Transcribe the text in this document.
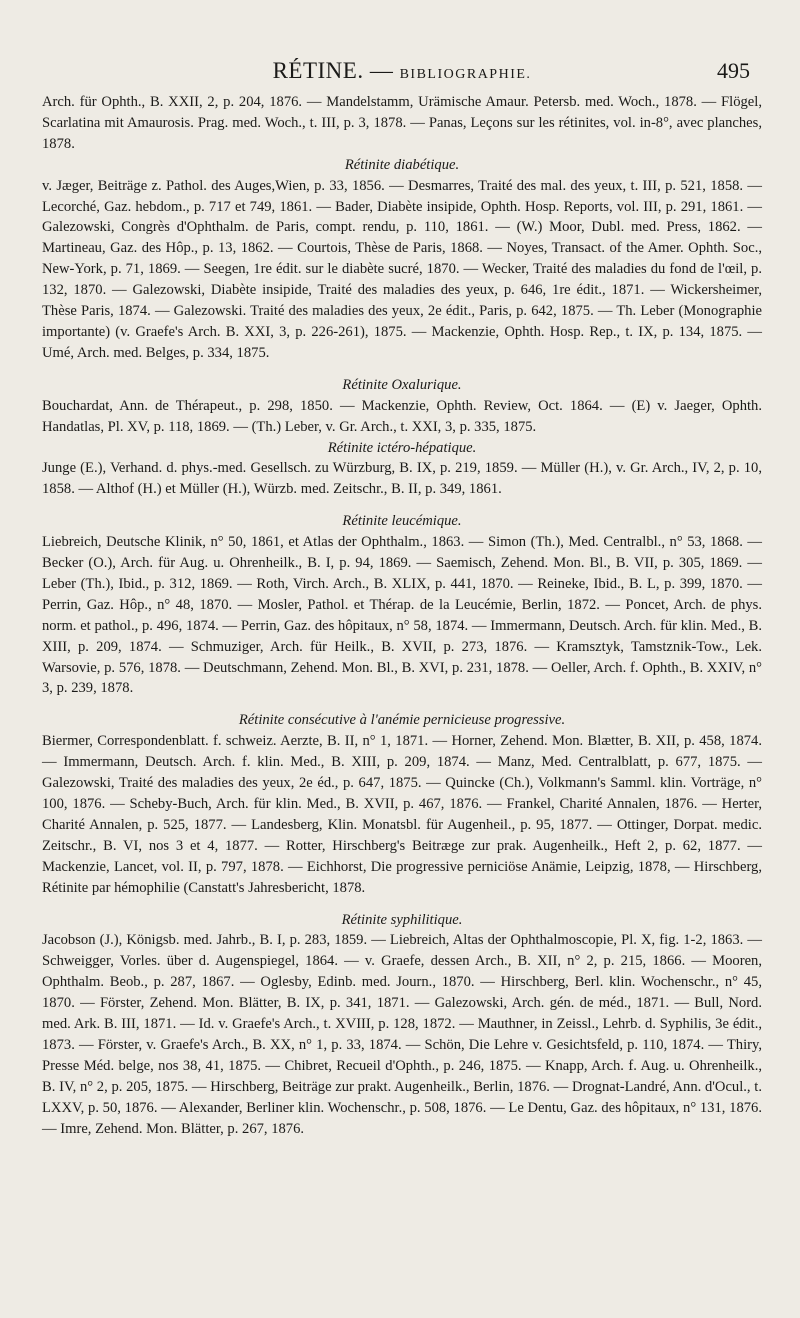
RÉTINE. — BIBLIOGRAPHIE.	495

Arch. für Ophth., B. XXII, 2, p. 204, 1876. — Mandelstamm, Urämische Amaur. Petersb. med. Woch., 1878. — Flögel, Scarlatina mit Amaurosis. Prag. med. Woch., t. III, p. 3, 1878. — Panas, Leçons sur les rétinites, vol. in-8°, avec planches, 1878.

Rétinite diabétique.

v. Jæger, Beiträge z. Pathol. des Auges,Wien, p. 33, 1856. — Desmarres, Traité des mal. des yeux, t. III, p. 521, 1858. — Lecorché, Gaz. hebdom., p. 717 et 749, 1861. — Bader, Diabète insipide, Ophth. Hosp. Reports, vol. III, p. 291, 1861. — Galezowski, Congrès d'Ophthalm. de Paris, compt. rendu, p. 110, 1861. — (W.) Moor, Dubl. med. Press, 1862. — Martineau, Gaz. des Hôp., p. 13, 1862. — Courtois, Thèse de Paris, 1868. — Noyes, Transact. of the Amer. Ophth. Soc., New-York, p. 71, 1869. — Seegen, 1re édit. sur le diabète sucré, 1870. — Wecker, Traité des maladies du fond de l'œil, p. 132, 1870. — Galezowski, Diabète insipide, Traité des maladies des yeux, p. 646, 1re édit., 1871. — Wickersheimer, Thèse Paris, 1874. — Galezowski. Traité des maladies des yeux, 2e édit., Paris, p. 642, 1875. — Th. Leber (Monographie importante) (v. Graefe's Arch. B. XXI, 3, p. 226-261), 1875. — Mackenzie, Ophth. Hosp. Rep., t. IX, p. 134, 1875. — Umé, Arch. med. Belges, p. 334, 1875.

Rétinite Oxalurique.

Bouchardat, Ann. de Thérapeut., p. 298, 1850. — Mackenzie, Ophth. Review, Oct. 1864. — (E) v. Jaeger, Ophth. Handatlas, Pl. XV, p. 118, 1869. — (Th.) Leber, v. Gr. Arch., t. XXI, 3, p. 335, 1875.

Rétinite ictéro-hépatique.

Junge (E.), Verhand. d. phys.-med. Gesellsch. zu Würzburg, B. IX, p. 219, 1859. — Müller (H.), v. Gr. Arch., IV, 2, p. 10, 1858. — Althof (H.) et Müller (H.), Würzb. med. Zeitschr., B. II, p. 349, 1861.

Rétinite leucémique.

Liebreich, Deutsche Klinik, n° 50, 1861, et Atlas der Ophthalm., 1863. — Simon (Th.), Med. Centralbl., n° 53, 1868. — Becker (O.), Arch. für Aug. u. Ohrenheilk., B. I, p. 94, 1869. — Saemisch, Zehend. Mon. Bl., B. VII, p. 305, 1869. — Leber (Th.), Ibid., p. 312, 1869. — Roth, Virch. Arch., B. XLIX, p. 441, 1870. — Reineke, Ibid., B. L, p. 399, 1870. — Perrin, Gaz. Hôp., n° 48, 1870. — Mosler, Pathol. et Thérap. de la Leucémie, Berlin, 1872. — Poncet, Arch. de phys. norm. et pathol., p. 496, 1874. — Perrin, Gaz. des hôpitaux, n° 58, 1874. — Immermann, Deutsch. Arch. für klin. Med., B. XIII, p. 209, 1874. — Schmuziger, Arch. für Heilk., B. XVII, p. 273, 1876. — Kramsztyk, Tamstznik-Tow., Lek. Warsovie, p. 576, 1878. — Deutschmann, Zehend. Mon. Bl., B. XVI, p. 231, 1878. — Oeller, Arch. f. Ophth., B. XXIV, n° 3, p. 239, 1878.

Rétinite consécutive à l'anémie pernicieuse progressive.

Biermer, Correspondenblatt. f. schweiz. Aerzte, B. II, n° 1, 1871. — Horner, Zehend. Mon. Blætter, B. XII, p. 458, 1874. — Immermann, Deutsch. Arch. f. klin. Med., B. XIII, p. 209, 1874. — Manz, Med. Centralblatt, p. 677, 1875. — Galezowski, Traité des maladies des yeux, 2e éd., p. 647, 1875. — Quincke (Ch.), Volkmann's Samml. klin. Vorträge, n° 100, 1876. — Scheby-Buch, Arch. für klin. Med., B. XVII, p. 467, 1876. — Frankel, Charité Annalen, 1876. — Herter, Charité Annalen, p. 525, 1877. — Landesberg, Klin. Monatsbl. für Augenheil., p. 95, 1877. — Ottinger, Dorpat. medic. Zeitschr., B. VI, nos 3 et 4, 1877. — Rotter, Hirschberg's Beitræge zur prak. Augenheilk., Heft 2, p. 62, 1877. — Mackenzie, Lancet, vol. II, p. 797, 1878. — Eichhorst, Die progressive perniciöse Anämie, Leipzig, 1878, — Hirschberg, Rétinite par hémophilie (Canstatt's Jahresbericht, 1878.

Rétinite syphilitique.

Jacobson (J.), Königsb. med. Jahrb., B. I, p. 283, 1859. — Liebreich, Altas der Ophthalmoscopie, Pl. X, fig. 1-2, 1863. — Schweigger, Vorles. über d. Augenspiegel, 1864. — v. Graefe, dessen Arch., B. XII, n° 2, p. 215, 1866. — Mooren, Ophthalm. Beob., p. 287, 1867. — Oglesby, Edinb. med. Journ., 1870. — Hirschberg, Berl. klin. Wochenschr., n° 45, 1870. — Förster, Zehend. Mon. Blätter, B. IX, p. 341, 1871. — Galezowski, Arch. gén. de méd., 1871. — Bull, Nord. med. Ark. B. III, 1871. — Id. v. Graefe's Arch., t. XVIII, p. 128, 1872. — Mauthner, in Zeissl., Lehrb. d. Syphilis, 3e édit., 1873. — Förster, v. Graefe's Arch., B. XX, n° 1, p. 33, 1874. — Schön, Die Lehre v. Gesichtsfeld, p. 110, 1874. — Thiry, Presse Méd. belge, nos 38, 41, 1875. — Chibret, Recueil d'Ophth., p. 246, 1875. — Knapp, Arch. f. Aug. u. Ohrenheilk., B. IV, n° 2, p. 205, 1875. — Hirschberg, Beiträge zur prakt. Augenheilk., Berlin, 1876. — Drognat-Landré, Ann. d'Ocul., t. LXXV, p. 50, 1876. — Alexander, Berliner klin. Wochenschr., p. 508, 1876. — Le Dentu, Gaz. des hôpitaux, n° 131, 1876. — Imre, Zehend. Mon. Blätter, p. 267, 1876.
